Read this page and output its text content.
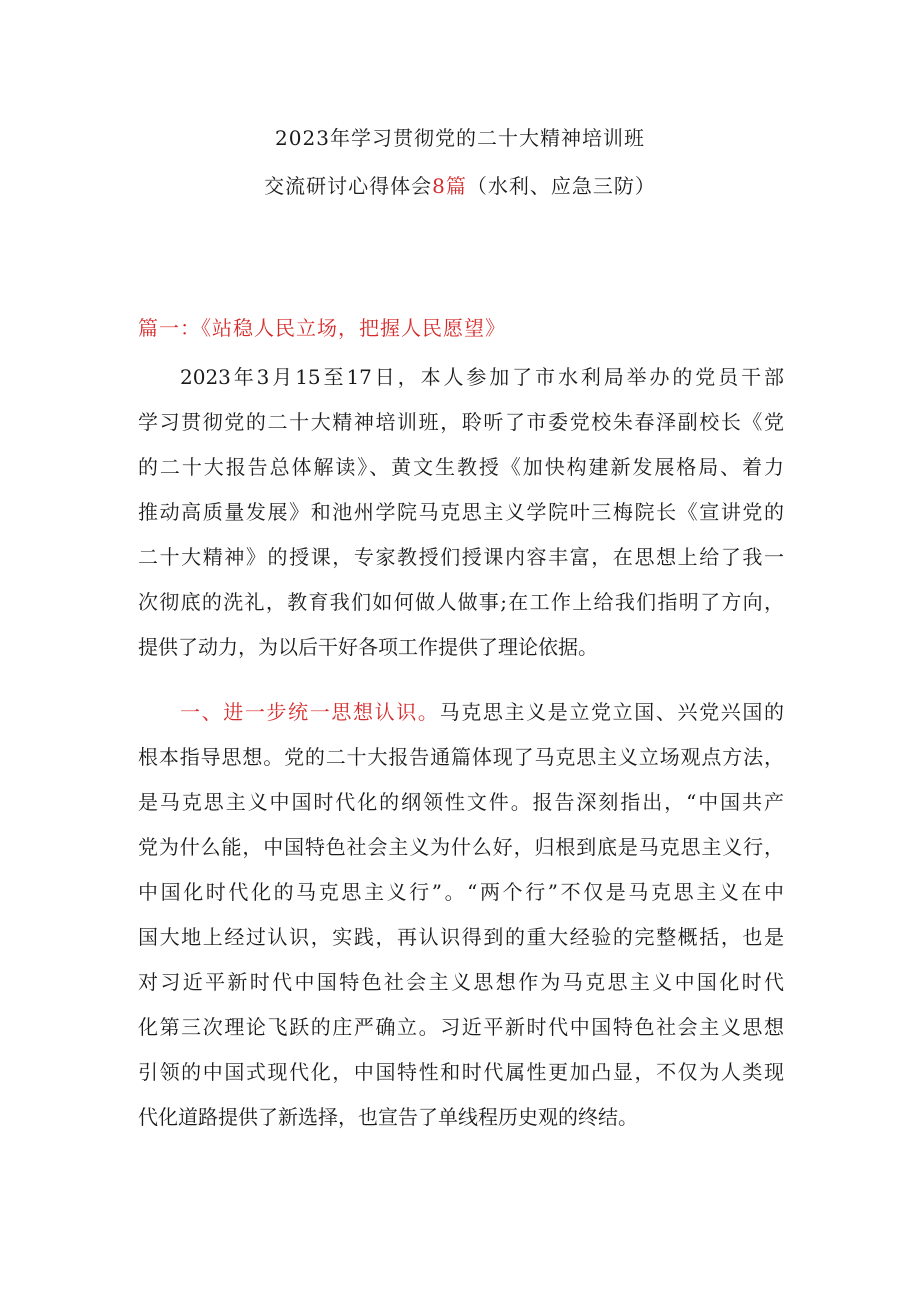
2023年学习贯彻党的二十大精神培训班
交流研讨心得体会8篇（水利、应急三防）
篇一：《站稳人民立场，把握人民愿望》
2023年3月15至17日，本人参加了市水利局举办的党员干部
学习贯彻党的二十大精神培训班，聆听了市委党校朱春泽副校长《党
的二十大报告总体解读》、黄文生教授《加快构建新发展格局、着力
推动高质量发展》和池州学院马克思主义学院叶三梅院长《宣讲党的
二十大精神》的授课，专家教授们授课内容丰富，在思想上给了我一
次彻底的洗礼，教育我们如何做人做事;在工作上给我们指明了方向，
提供了动力，为以后干好各项工作提供了理论依据。
一、进一步统一思想认识。马克思主义是立党立国、兴党兴国的
根本指导思想。党的二十大报告通篇体现了马克思主义立场观点方法，
是马克思主义中国时代化的纲领性文件。报告深刻指出，“中国共产
党为什么能，中国特色社会主义为什么好，归根到底是马克思主义行，
中国化时代化的马克思主义行”。“两个行”不仅是马克思主义在中
国大地上经过认识，实践，再认识得到的重大经验的完整概括，也是
对习近平新时代中国特色社会主义思想作为马克思主义中国化时代
化第三次理论飞跃的庄严确立。习近平新时代中国特色社会主义思想
引领的中国式现代化，中国特性和时代属性更加凸显，不仅为人类现
代化道路提供了新选择，也宣告了单线程历史观的终结。
